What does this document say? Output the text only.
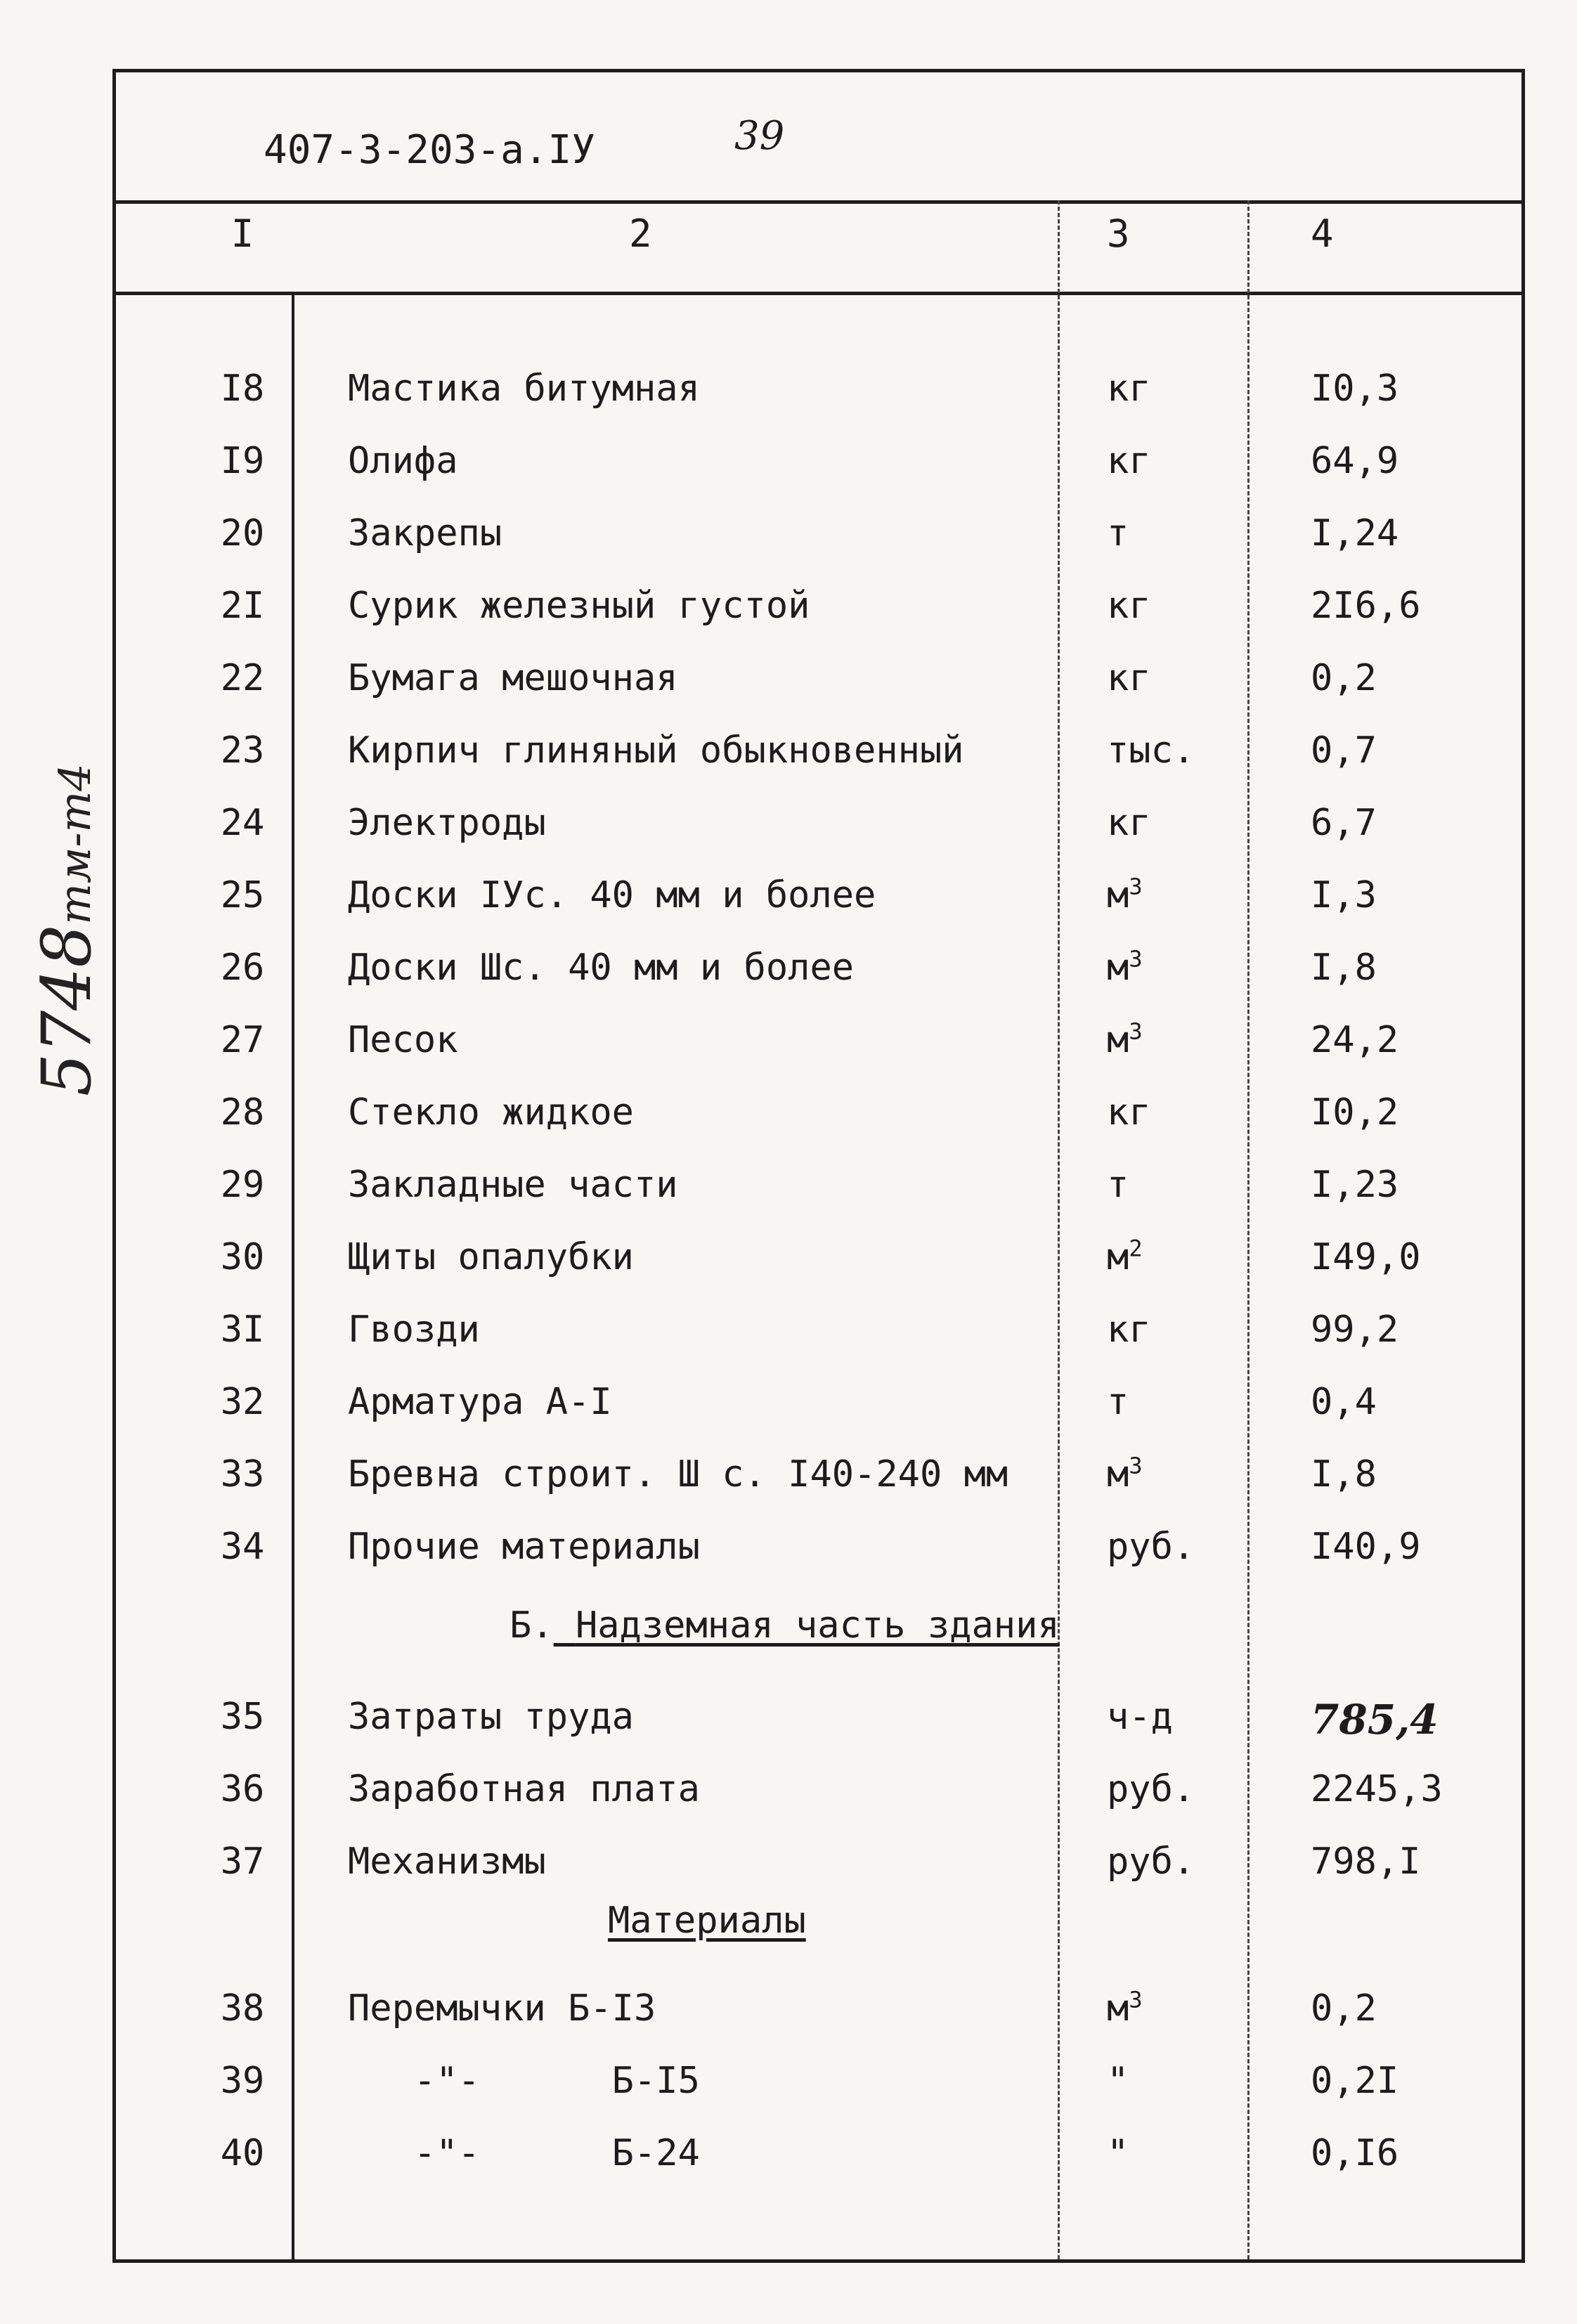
5748тм-т4
407-3-203-а.IУ	39
I	2	3	4
I8	Мастика битумная	кг	I0,3
I9	Олифа	кг	64,9
20	Закрепы	т	I,24
2I	Сурик железный густой	кг	2I6,6
22	Бумага мешочная	кг	0,2
23	Кирпич глиняный обыкновенный	тыс.	0,7
24	Электроды	кг	6,7
25	Доски IУс. 40 мм и более	$м^3$	I,3
26	Доски Шс. 40 мм и более	$м^3$	I,8
27	Песок	$м^3$	24,2
28	Стекло жидкое	кг	I0,2
29	Закладные части	т	I,23
30	Щиты опалубки	$м^2$	I49,0
3I	Гвозди	кг	99,2
32	Арматура А-I	т	0,4
33	Бревна строит. Ш с. I40-240 мм	$м^3$	I,8
34	Прочие материалы	руб.	I40,9
Б. Надземная часть здания
35	Затраты труда	ч-д	785,4
36	Заработная плата	руб.	2245,3
37	Механизмы	руб.	798,I
Материалы
38	Перемычки Б-I3	$м^3$	0,2
39	-"-      Б-I5	"	0,2I
40	-"-      Б-24	"	0,I6
